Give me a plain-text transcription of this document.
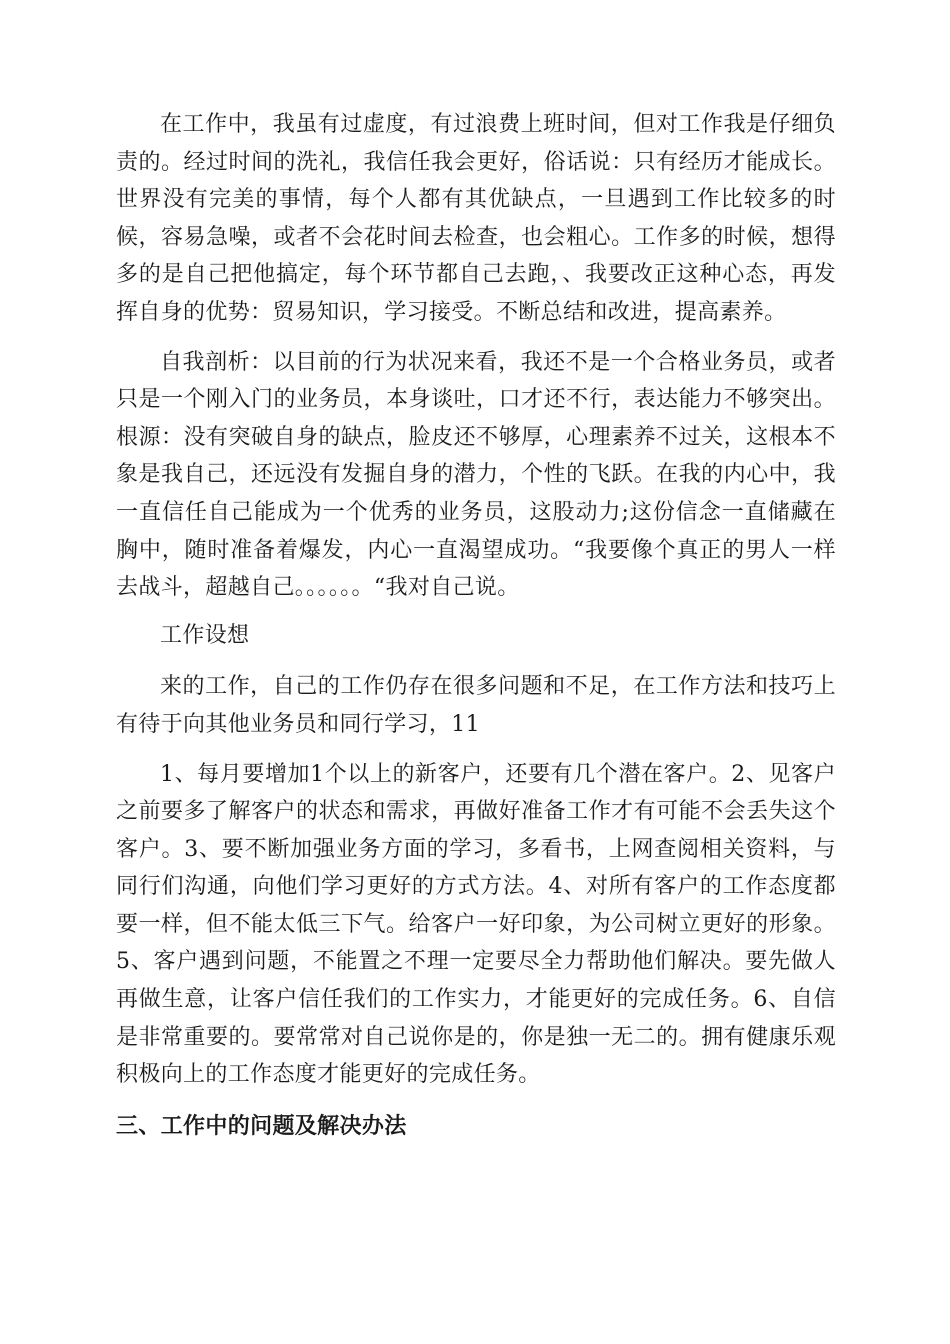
在工作中，我虽有过虚度，有过浪费上班时间，但对工作我是仔细负责的。经过时间的洗礼，我信任我会更好，俗话说：只有经历才能成长。世界没有完美的事情，每个人都有其优缺点，一旦遇到工作比较多的时候，容易急噪，或者不会花时间去检查，也会粗心。工作多的时候，想得多的是自己把他搞定，每个环节都自己去跑，、我要改正这种心态，再发挥自身的优势：贸易知识，学习接受。不断总结和改进，提高素养。

自我剖析：以目前的行为状况来看，我还不是一个合格业务员，或者只是一个刚入门的业务员，本身谈吐，口才还不行，表达能力不够突出。根源：没有突破自身的缺点，脸皮还不够厚，心理素养不过关，这根本不象是我自己，还远没有发掘自身的潜力，个性的飞跃。在我的内心中，我一直信任自己能成为一个优秀的业务员，这股动力;这份信念一直储藏在胸中，随时准备着爆发，内心一直渴望成功。“我要像个真正的男人一样去战斗，超越自己。。。。。。“我对自己说。

工作设想

来的工作，自己的工作仍存在很多问题和不足，在工作方法和技巧上有待于向其他业务员和同行学习，11

1、每月要增加1个以上的新客户，还要有几个潜在客户。2、见客户之前要多了解客户的状态和需求，再做好准备工作才有可能不会丢失这个客户。3、要不断加强业务方面的学习，多看书，上网查阅相关资料，与同行们沟通，向他们学习更好的方式方法。4、对所有客户的工作态度都要一样，但不能太低三下气。给客户一好印象，为公司树立更好的形象。5、客户遇到问题，不能置之不理一定要尽全力帮助他们解决。要先做人再做生意，让客户信任我们的工作实力，才能更好的完成任务。6、自信是非常重要的。要常常对自己说你是的，你是独一无二的。拥有健康乐观积极向上的工作态度才能更好的完成任务。

三、工作中的问题及解决办法
